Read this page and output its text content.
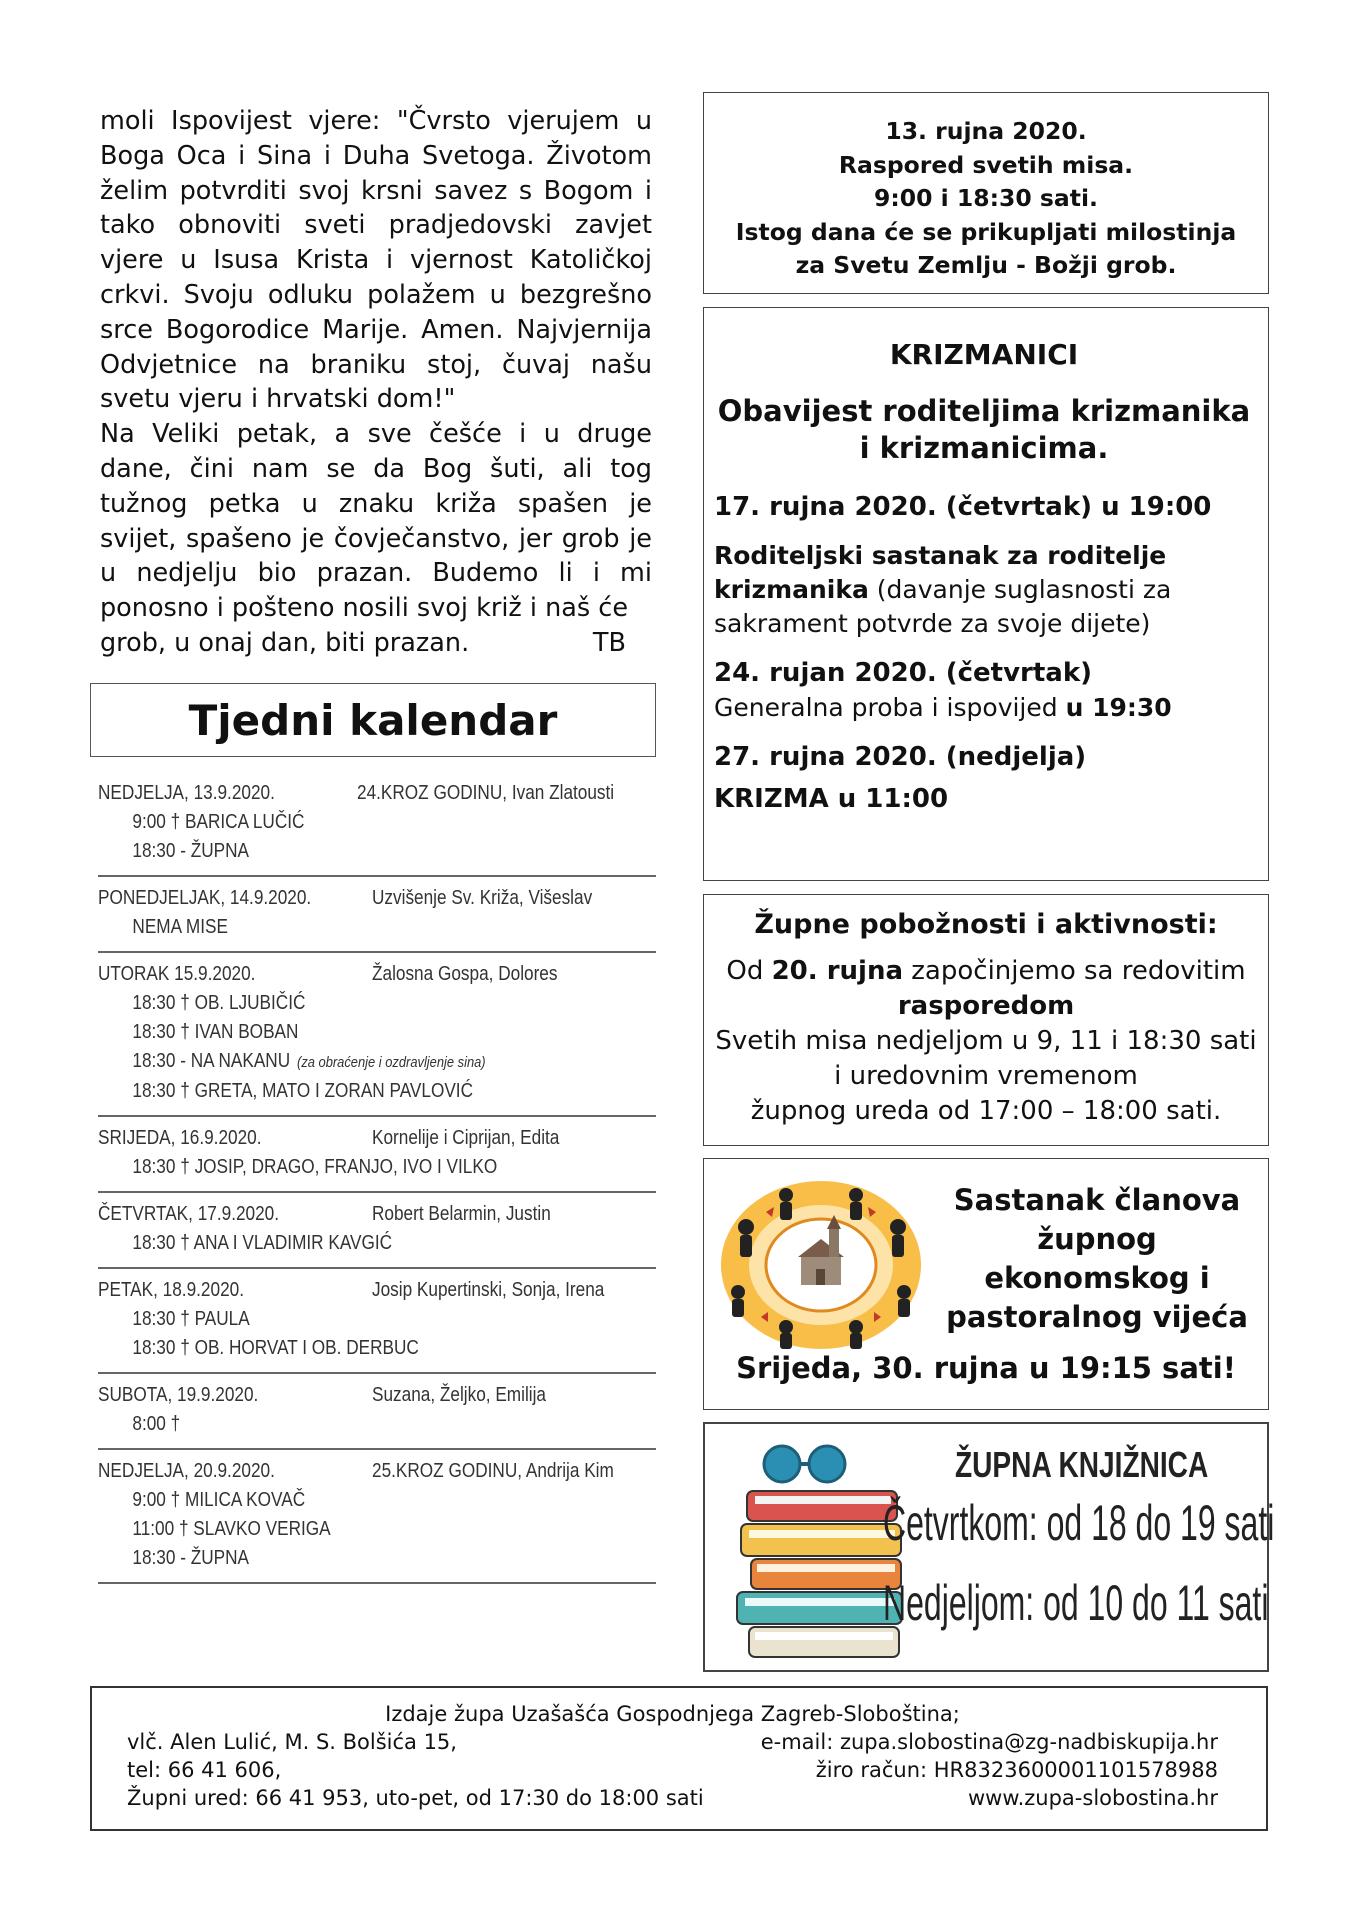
moli Ispovijest vjere: "Čvrsto vjerujem u Boga Oca i Sina i Duha Svetoga. Životom želim potvrditi svoj krsni savez s Bogom i tako obnoviti sveti pradjedovski zavjet vjere u Isusa Krista i vjernost Katoličkoj crkvi. Svoju odluku polažem u bezgrešno srce Bogorodice Marije. Amen. Najvjernija Odvjetnice na braniku stoj, čuvaj našu svetu vjeru i hrvatski dom!"

Na Veliki petak, a sve češće i u druge dane, čini nam se da Bog šuti, ali tog tužnog petka u znaku križa spašen je svijet, spašeno je čovječanstvo, jer grob je u nedjelju bio prazan. Budemo li i mi ponosno i pošteno nosili svoj križ i naš će

grob, u onaj dan, biti prazan.	TB
Tjedni kalendar
NEDJELJA, 13.9.2020.	24.KROZ GODINU, Ivan Zlatousti
9:00 † BARICA LUČIĆ
18:30 - ŽUPNA
PONEDJELJAK, 14.9.2020.	Uzvišenje Sv. Križa, Višeslav
NEMA MISE
UTORAK 15.9.2020.	Žalosna Gospa, Dolores
18:30 † OB. LJUBIČIĆ
18:30 † IVAN BOBAN
18:30 - NA NAKANU (za obraćenje i ozdravljenje sina)
18:30 † GRETA, MATO I ZORAN PAVLOVIĆ
SRIJEDA, 16.9.2020.	Kornelije i Ciprijan, Edita
18:30 † JOSIP, DRAGO, FRANJO, IVO I VILKO
ČETVRTAK, 17.9.2020.	Robert Belarmin, Justin
18:30 † ANA I VLADIMIR KAVGIĆ
PETAK, 18.9.2020.	Josip Kupertinski, Sonja, Irena
18:30 † PAULA
18:30 † OB. HORVAT I OB. DERBUC
SUBOTA, 19.9.2020.	Suzana, Željko, Emilija
8:00 †
NEDJELJA, 20.9.2020.	25.KROZ GODINU, Andrija Kim
9:00 † MILICA KOVAČ
11:00 † SLAVKO VERIGA
18:30 - ŽUPNA
13. rujna 2020.
Raspored svetih misa.
9:00 i 18:30 sati.
Istog dana će se prikupljati milostinja
za Svetu Zemlju - Božji grob.
KRIZMANICI
Obavijest roditeljima krizmanika
i krizmanicima.
17. rujna 2020. (četvrtak) u 19:00
Roditeljski sastanak za roditelje
krizmanika (davanje suglasnosti za
sakrament potvrde za svoje dijete)
24. rujan 2020. (četvrtak)
Generalna proba i ispovijed u 19:30
27. rujna 2020. (nedjelja)
KRIZMA u 11:00
Župne pobožnosti i aktivnosti:
Od 20. rujna započinjemo sa redovitim
rasporedom
Svetih misa nedjeljom u 9, 11 i 18:30 sati
i uredovnim vremenom
župnog ureda od 17:00 – 18:00 sati.
Sastanak članova
župnog
ekonomskog i
pastoralnog vijeća
Srijeda, 30. rujna u 19:15 sati!
ŽUPNA KNJIŽNICA
Četvrtkom: od 18 do 19 sati
Nedjeljom: od 10 do 11 sati
Izdaje župa Uzašašća Gospodnjega Zagreb-Sloboština;
vlč. Alen Lulić, M. S. Bolšića 15,	e-mail: zupa.slobostina@zg-nadbiskupija.hr
tel: 66 41 606,	žiro račun: HR8323600001101578988
Župni ured: 66 41 953, uto-pet, od 17:30 do 18:00 sati	www.zupa-slobostina.hr
